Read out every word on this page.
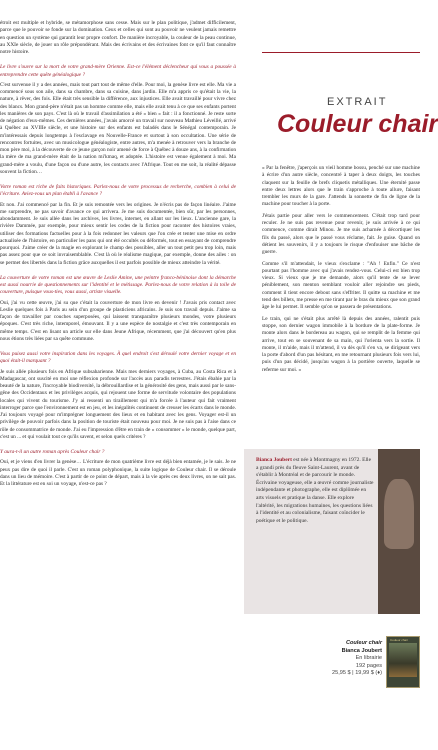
étroit est multiple et hybride, se métamorphose sans cesse. Mais sur le plan politique, j'admet difficilement, parce que le pouvoir se fonde sur la domination. Ceux et celles qui sont au pouvoir ne veulent jamais remettre en question un système qui garantit leur propre confort. De manière incroyable, la couleur de la peau continue, au XXIe siècle, de jouer un rôle prépondérant. Mais des écrivains et des écrivaines font ce qu'il faut connaître notre histoire.

Le livre s'ouvre sur la mort de votre grand-mère Orienne. Est-ce l'élément déclencheur qui vous a poussée à entreprendre cette quête généalogique ?

C'est survenue il y a des années, mais tout part tout de même d'elle. Pour moi, la genèse livre est elle. Ma vie a commencé sous son aile, dans sa chambre, dans sa cuisine, dans jardin. Elle m'a appris ce qu'était la vie, la nature, à rêver, des fois. Elle était très sensible la différence, aux injustices. Elle avait travaillé pour vivre chez des blancs. Mon grand-père n'était pas un homme comme elle, mais elle avait tenu à ce que ses enfants portent les manières de son pays. C'est là où le travail d'assimilation a été « bien » fait : il a fonctionné. Je reste sorte de négation d'eux-mêmes. Ces dernières années, j'avais amorcé un travail sur nouveau Mathieu Léveillé, arrivé à Québec au XVIIIe siècle, et une histoire sur des enfants est baladés dans le Sénégal contemporain. Je m'intéressais depuis longtemps à l'esclavage en Nouvelle-France et surtout à son occultation. Une série de rencontres fortuites, avec un musicologue généalogiste, entre autres, m'a menée à retrouver vers la branche de mon père moi, à la découverte de ce jeune garçon noir amené de force à Québec à douze ans, à la confirmation la mère de ma grand-mère était de la nation mi'kmaq, et adoptée. L'histoire est venue également à moi. Ma grand-mère a voulu, d'une façon ou d'une autre, les contacts avec l'Afrique. Tout en me soit, la réalité dépasse souvent la fiction…

Votre roman est riche de faits historiques. Parlez-nous de votre processus de recherche, combien à celui de l'écriture. Aviez-vous un plan établi à l'avance ?

Et non. J'ai commencé par la fin. Et je suis remontée vers les origines. Je n'écris pas de façon linéaire. J'aime me surprendre, ne pas savoir d'avance ce qui arrivera. Je me suis documentée, bien sûr, par les personnes, abondamment. Je suis allée dans les archives, les livres, internet, en allant sur les lieux. L'ancienne gare, la rivière Dammée, par exemple, pour mieux sentir les codes de la fiction pour raconter des histoires vraies, utiliser des formations factuelles pour à la fois redonner les valeurs que l'on crée et tenter une mise en ordre actualisée de l'histoire, en particulier les pans qui ont été occultés ou déformés, tout en essayant de comprendre pourquoi. J'aime créer de la magie en explorant le champ des possibles, aller un tout petit peu trop loin, mais pas assez pour que ce soit invraisemblable. C'est là où le réalisme magique, par exemple, donne des ailes : on se permet des libertés dans la fiction grâce auxquelles il est parfois possible de mieux atteindre la vérité.

La couverture de votre roman est une œuvre de Leslie Amine, une peintre franco-béninoise dont la démarche est aussi nourrie de questionnements sur l'identité et le métissage. Parlez-nous de votre relation à la toile de couverture, puisque vous-ties, vous aussi, artiste visuelle.

Oui, j'ai vu cette œuvre, j'ai su que c'était la couverture de mon livre en devenir ! J'avais pris contact avec Leslie quelques fois à Paris au sein d'un groupe de plasticiens africains. Je suis son travail depuis. J'aime sa façon de travailler par couches superposées, qui laissent transparaître plusieurs mondes, votre plusieurs époques. C'est très riche, intemporel, émouvant. Il y a une espèce de nostalgie et c'est très contemporain en même temps. C'est en lisant un article sur elle dans Jeune Afrique, récemment, que j'ai découvert qu'en plus nous étions très liées par sa quête commune.

Vous puisez aussi votre inspiration dans les voyages. À quel endroit s'est déroulé votre dernier voyage et en quoi était-il marquant ?

Je suis allée plusieurs fois en Afrique subsaharienne. Mais mes derniers voyages, à Cuba, au Costa Rica et à Madagascar, ont suscité en moi une réflexion profonde sur l'accès aux paradis terrestres. J'étais ébahie par la beauté de la nature, l'incroyable biodiversité, la débrouillardise et la générosité des gens, mais aussi par le sans-gêne des Occidentaux et les privilèges acquis, qui rejouent une forme de servitude volontaire des populations locales qui vivent du tourisme. J'y ai ressenti un tiraillement qui m'a forcée à l'auteur qui fait vraiment interroger parce que l'environnement est en jeu, et les inégalités continuent de creuser les écarts dans le monde. J'ai toujours voyagé pour m'imprégner longuement des lieux et en habitant avec les gens. Voyager est-il un privilège de pouvoir parfois dans la position de touriste était nouveau pour moi. Je ne suis pas à l'aise dans ce rôle de consommatrice de monde. J'ai eu l'impression d'être en train de « consommer » le monde, quelque part, c'est un ... et qui voulait tout ce qu'ils savent, et selon quels critères ?

Y aura-t-il un autre roman après Couleur chair ?

Oui, et je viens d'en livrer la genèse… L'écriture de mon quatrième livre est déjà bien entamée, je le sais. Je ne peux pas dire de quoi il parle. C'est un roman polyphonique, la suite logique de Couleur chair. Il se déroule dans un lieu de mémoire. C'est à partir de ce point de départ, mais à la vie après ces deux livres, on ne sait pas. Et la littérature est en soi un voyage, n'est-ce pas ?

EXTRAIT
Couleur chair

« Par la fenêtre, j'aperçois un vieil homme bossu, penché sur une machine à écrire d'un autre siècle, concentré à taper à deux doigts, les touches claquent sur la feuille de brefs cliquetis métalliques. Une éternité passe entre deux lettres alors que le train s'approche à toute allure, faisant trembler les murs de la gare. J'attends la sonnette de fin de ligne de la machine pour toucher à la porte.

J'étais partie pour aller vers le commencement. C'était trop tard pour reculer. Je ne suis pas revenue pour revenir, je suis arrivée à ce qui commence, comme dirait Minou. Je me suis acharnée à décortiquer les fils du passé, alors que le passé vous réclame, fait. Je guise. Quand on détient les souvenirs, il y a toujours le risque d'enfouiser une bâche de guerre.

Comme s'il m'attendait, le vieux s'exclame : "Ah ! Enfin." Ce n'est pourtant pas l'homme avec qui j'avais rendez-vous. Celui-ci est bien trop vieux. Si vieux que je me demande, alors qu'il tente de se lever péniblement, son menton semblant vouloir aller rejoindre ses pieds, comment il tient encore debout sans s'effriter. Il quitte sa machine et me tend des billets, me presse en me tirant par le bras du mieux que son grand âge le lui permet. Il semble qu'on se passera de présentations.

Le train, qui ne s'était plus arrêté là depuis des années, ralentit puis stoppe, son dernier wagon immobile à la bordure de la plate-forme. Je monte alors dans le bordereau au wagon, qui se remplit de la femme qui arrive, tout en se souvenant de sa main, qui l'orienta vers la sortie. Il monte, il m'aide, mais il m'attend, il va dès qu'il s'en va, se dirigeant vers la porte d'abord d'un pas hésitant, en me retournant plusieurs fois vers lui, puis d'un pas décidé, jusqu'au wagon à la portière ouverte, laquelle se referme sur moi. »

Bianca Joubert est née à Montmagny en 1972. Elle a grandi près du fleuve Saint-Laurent, avant de s'établir à Montréal et de parcourir le monde. Écrivaine voyageuse, elle a œuvré comme journaliste indépendante et photographe, elle est diplômée en arts visuels et pratique la danse. Elle explore l'altérité, les migrations humaines, les questions liées à l'identité et au colonialisme, faisant coïncider le poétique et le politique.
Couleur chair
Bianca Joubert
En librairie
192 pages
25,95 $ | 19,99 $ (♦)
Couleur chair
